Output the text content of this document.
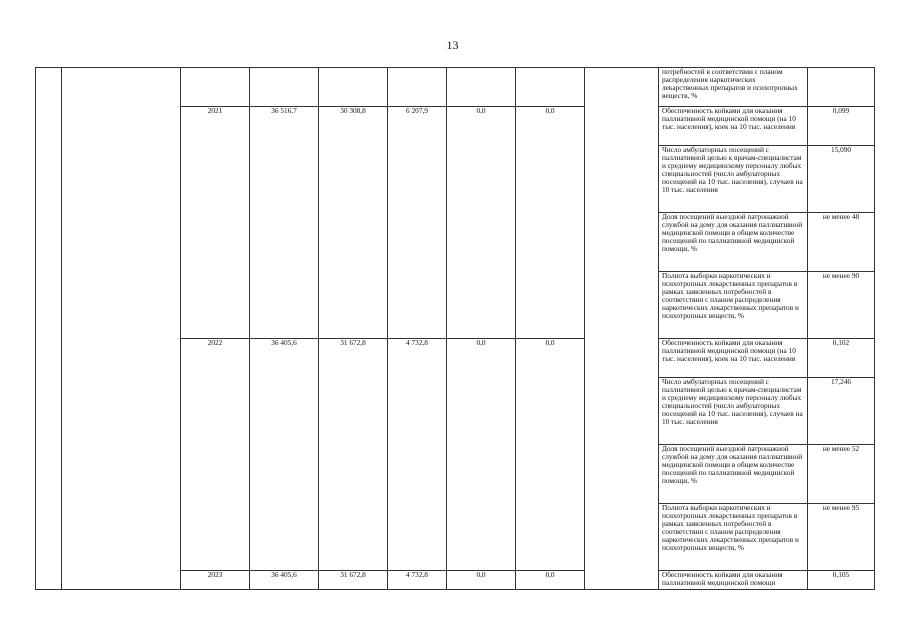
13
									потребностей в соответствии с планом распределения наркотических лекарственных препаратов и психотропных веществ, %	
		2021	36 516,7	30 308,8	6 207,9	0,0	0,0		Обеспеченность койками для оказания паллиативной медицинской помощи (на 10 тыс. населения), коек на 10 тыс. населения	0,099
									Число амбулаторных посещений с паллиативной целью к врачам-специалистам и среднему медицинскому персоналу любых специальностей (число амбулаторных посещений на 10 тыс. населения), случаев на 10 тыс. населения	15,090
									Доля посещений выездной патронажной службой на дому для оказания паллиативной медицинской помощи в общем количестве посещений по паллиативной медицинской помощи, %	не менее 48
									Полнота выборки наркотических и психотропных лекарственных препаратов в рамках заявленных потребностей в соответствии с планом распределения наркотических лекарственных препаратов и психотропных веществ, %	не менее 90
		2022	36 405,6	31 672,8	4 732,8	0,0	0,0		Обеспеченность койками для оказания паллиативной медицинской помощи (на 10 тыс. населения), коек на 10 тыс. населения	0,102
									Число амбулаторных посещений с паллиативной целью к врачам-специалистам и среднему медицинскому персоналу любых специальностей (число амбулаторных посещений на 10 тыс. населения), случаев на 10 тыс. населения	17,246
									Доля посещений выездной патронажной службой на дому для оказания паллиативной медицинской помощи в общем количестве посещений по паллиативной медицинской помощи, %	не менее 52
									Полнота выборки наркотических и психотропных лекарственных препаратов в рамках заявленных потребностей в соответствии с планом распределения наркотических лекарственных препаратов и психотропных веществ, %	не менее 95
		2023	36 405,6	31 672,8	4 732,8	0,0	0,0		Обеспеченность койками для оказания паллиативной медицинской помощи	0,105
